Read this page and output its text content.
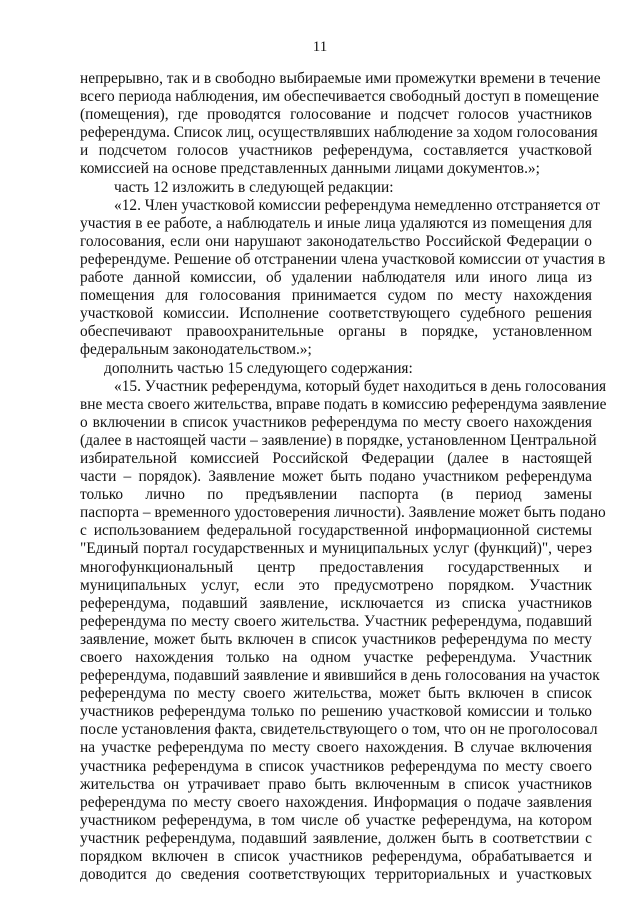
11
непрерывно, так и в свободно выбираемые ими промежутки времени в течение
всего периода наблюдения, им обеспечивается свободный доступ в помещение
(помещения), где проводятся голосование и подсчет голосов участников
референдума. Список лиц, осуществлявших наблюдение за ходом голосования
и подсчетом голосов участников референдума, составляется участковой
комиссией на основе представленных данными лицами документов.»;
часть 12 изложить в следующей редакции:
«12. Член участковой комиссии референдума немедленно отстраняется от
участия в ее работе, а наблюдатель и иные лица удаляются из помещения для
голосования, если они нарушают законодательство Российской Федерации о
референдуме. Решение об отстранении члена участковой комиссии от участия в
работе данной комиссии, об удалении наблюдателя или иного лица из
помещения для голосования принимается судом по месту нахождения
участковой комиссии. Исполнение соответствующего судебного решения
обеспечивают правоохранительные органы в порядке, установленном
федеральным законодательством.»;
дополнить частью 15 следующего содержания:
«15. Участник референдума, который будет находиться в день голосования
вне места своего жительства, вправе подать в комиссию референдума заявление
о включении в список участников референдума по месту своего нахождения
(далее в настоящей части – заявление) в порядке, установленном Центральной
избирательной комиссией Российской Федерации (далее в настоящей
части – порядок). Заявление может быть подано участником референдума
только лично по предъявлении паспорта (в период замены
паспорта – временного удостоверения личности). Заявление может быть подано
с использованием федеральной государственной информационной системы
"Единый портал государственных и муниципальных услуг (функций)", через
многофункциональный центр предоставления государственных и
муниципальных услуг, если это предусмотрено порядком. Участник
референдума, подавший заявление, исключается из списка участников
референдума по месту своего жительства. Участник референдума, подавший
заявление, может быть включен в список участников референдума по месту
своего нахождения только на одном участке референдума. Участник
референдума, подавший заявление и явившийся в день голосования на участок
референдума по месту своего жительства, может быть включен в список
участников референдума только по решению участковой комиссии и только
после установления факта, свидетельствующего о том, что он не проголосовал
на участке референдума по месту своего нахождения. В случае включения
участника референдума в список участников референдума по месту своего
жительства он утрачивает право быть включенным в список участников
референдума по месту своего нахождения. Информация о подаче заявления
участником референдума, в том числе об участке референдума, на котором
участник референдума, подавший заявление, должен быть в соответствии с
порядком включен в список участников референдума, обрабатывается и
доводится до сведения соответствующих территориальных и участковых
